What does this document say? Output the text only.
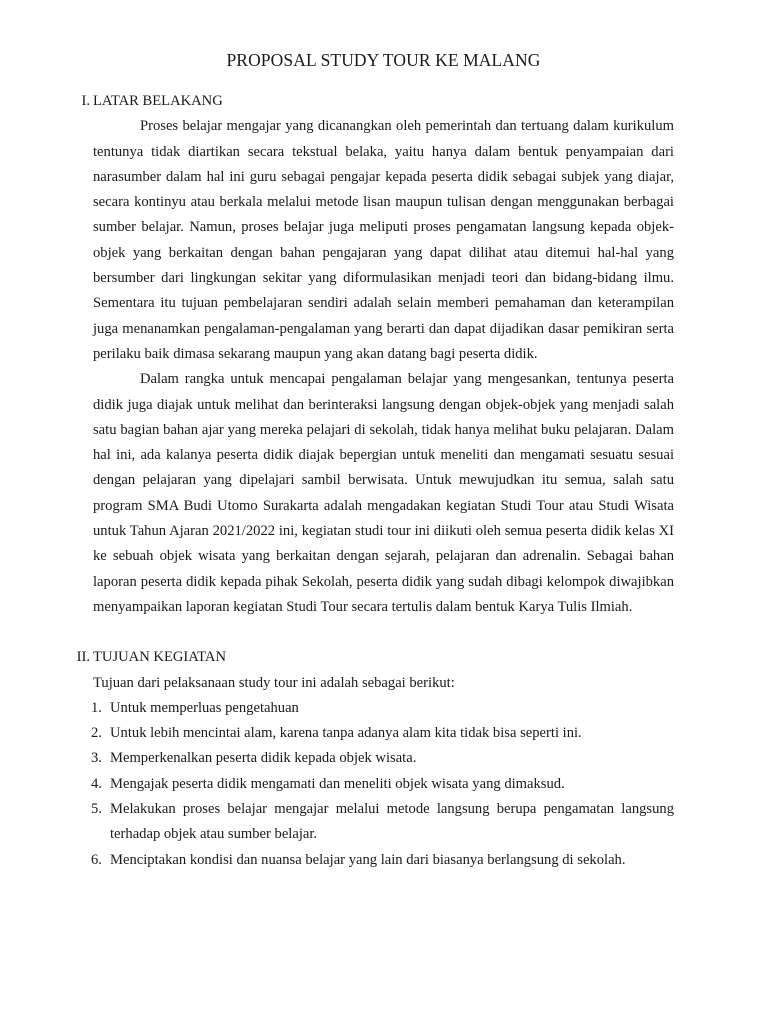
PROPOSAL STUDY TOUR KE MALANG
I. LATAR BELAKANG

Proses belajar mengajar yang dicanangkan oleh pemerintah dan tertuang dalam kurikulum tentunya tidak diartikan secara tekstual belaka, yaitu hanya dalam bentuk penyampaian dari narasumber dalam hal ini guru sebagai pengajar kepada peserta didik sebagai subjek yang diajar, secara kontinyu atau berkala melalui metode lisan maupun tulisan dengan menggunakan berbagai sumber belajar. Namun, proses belajar juga meliputi proses pengamatan langsung kepada objek-objek yang berkaitan dengan bahan pengajaran yang dapat dilihat atau ditemui hal-hal yang bersumber dari lingkungan sekitar yang diformulasikan menjadi teori dan bidang-bidang ilmu. Sementara itu tujuan pembelajaran sendiri adalah selain memberi pemahaman dan keterampilan juga menanamkan pengalaman-pengalaman yang berarti dan dapat dijadikan dasar pemikiran serta perilaku baik dimasa sekarang maupun yang akan datang bagi peserta didik.

Dalam rangka untuk mencapai pengalaman belajar yang mengesankan, tentunya peserta didik juga diajak untuk melihat dan berinteraksi langsung dengan objek-objek yang menjadi salah satu bagian bahan ajar yang mereka pelajari di sekolah, tidak hanya melihat buku pelajaran. Dalam hal ini, ada kalanya peserta didik diajak bepergian untuk meneliti dan mengamati sesuatu sesuai dengan pelajaran yang dipelajari sambil berwisata. Untuk mewujudkan itu semua, salah satu program SMA Budi Utomo Surakarta adalah mengadakan kegiatan Studi Tour atau Studi Wisata untuk Tahun Ajaran 2021/2022 ini, kegiatan studi tour ini diikuti oleh semua peserta didik kelas XI ke sebuah objek wisata yang berkaitan dengan sejarah, pelajaran dan adrenalin. Sebagai bahan laporan peserta didik kepada pihak Sekolah, peserta didik yang sudah dibagi kelompok diwajibkan menyampaikan laporan kegiatan Studi Tour secara tertulis dalam bentuk Karya Tulis Ilmiah.

II. TUJUAN KEGIATAN

Tujuan dari pelaksanaan study tour ini adalah sebagai berikut:

1. Untuk memperluas pengetahuan
2. Untuk lebih mencintai alam, karena tanpa adanya alam kita tidak bisa seperti ini.
3. Memperkenalkan peserta didik kepada objek wisata.
4. Mengajak peserta didik mengamati dan meneliti objek wisata yang dimaksud.
5. Melakukan proses belajar mengajar melalui metode langsung berupa pengamatan langsung terhadap objek atau sumber belajar.
6. Menciptakan kondisi dan nuansa belajar yang lain dari biasanya berlangsung di sekolah.
